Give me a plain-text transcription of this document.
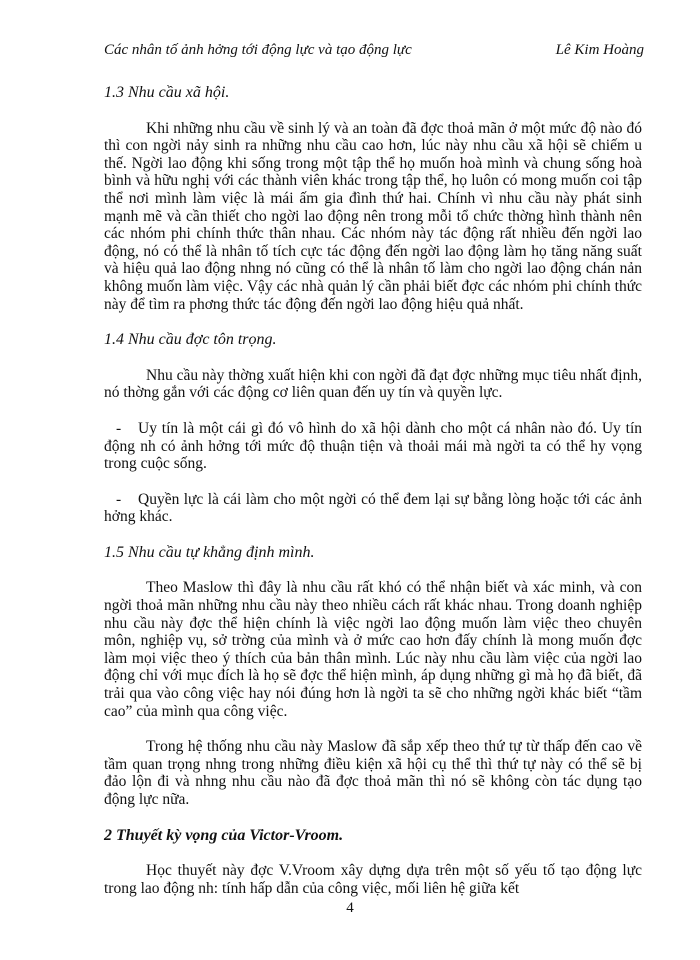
Các nhân tố ảnh hởng tới động lực và tạo động lực	Lê Kim Hoàng
1.3 Nhu cầu xã hội.

Khi những nhu cầu về sinh lý và an toàn đã đợc thoả mãn ở một mức độ nào đó thì con ngời nảy sinh ra những nhu cầu cao hơn, lúc này nhu cầu xã hội sẽ chiếm u thế. Ngời lao động khi sống trong một tập thể họ muốn hoà mình và chung sống hoà bình và hữu nghị với các thành viên khác trong tập thể, họ luôn có mong muốn coi tập thể nơi mình làm việc là mái ấm gia đình thứ hai. Chính vì nhu cầu này phát sinh mạnh mẽ và cần thiết cho ngời lao động nên trong mỗi tổ chức thờng hình thành nên các nhóm phi chính thức thân nhau. Các nhóm này tác động rất nhiều đến ngời lao động, nó có thể là nhân tố tích cực tác động đến ngời lao động làm họ tăng năng suất và hiệu quả lao động nhng nó cũng có thể là nhân tố làm cho ngời lao động chán nản không muốn làm việc. Vậy các nhà quản lý cần phải biết đợc các nhóm phi chính thức này để tìm ra phơng thức tác động đến ngời lao động hiệu quả nhất.

1.4 Nhu cầu đợc tôn trọng.

Nhu cầu này thờng xuất hiện khi con ngời đã đạt đợc những mục tiêu nhất định, nó thờng gắn với các động cơ liên quan đến uy tín và quyền lực.

- Uy tín là một cái gì đó vô hình do xã hội dành cho một cá nhân nào đó. Uy tín động nh có ảnh hởng tới mức độ thuận tiện và thoải mái mà ngời ta có thể hy vọng trong cuộc sống.

- Quyền lực là cái làm cho một ngời có thể đem lại sự bằng lòng hoặc tới các ảnh hởng khác.

1.5 Nhu cầu tự khẳng định mình.

Theo Maslow thì đây là nhu cầu rất khó có thể nhận biết và xác minh, và con ngời thoả mãn những nhu cầu này theo nhiều cách rất khác nhau. Trong doanh nghiệp nhu cầu này đợc thể hiện chính là việc ngời lao động muốn làm việc theo chuyên môn, nghiệp vụ, sở trờng của mình và ở mức cao hơn đấy chính là mong muốn đợc làm mọi việc theo ý thích của bản thân mình. Lúc này nhu cầu làm việc của ngời lao động chỉ với mục đích là họ sẽ đợc thể hiện mình, áp dụng những gì mà họ đã biết, đã trải qua vào công việc hay nói đúng hơn là ngời ta sẽ cho những ngời khác biết “tầm cao” của mình qua công việc.

Trong hệ thống nhu cầu này Maslow đã sắp xếp theo thứ tự từ thấp đến cao về tầm quan trọng nhng trong những điều kiện xã hội cụ thể thì thứ tự này có thể sẽ bị đảo lộn đi và nhng nhu cầu nào đã đợc thoả mãn thì nó sẽ không còn tác dụng tạo động lực nữa.

2 Thuyết kỳ vọng của Victor-Vroom.

Học thuyết này đợc V.Vroom xây dựng dựa trên một số yếu tố tạo động lực trong lao động nh: tính hấp dẫn của công việc, mối liên hệ giữa kết

4
